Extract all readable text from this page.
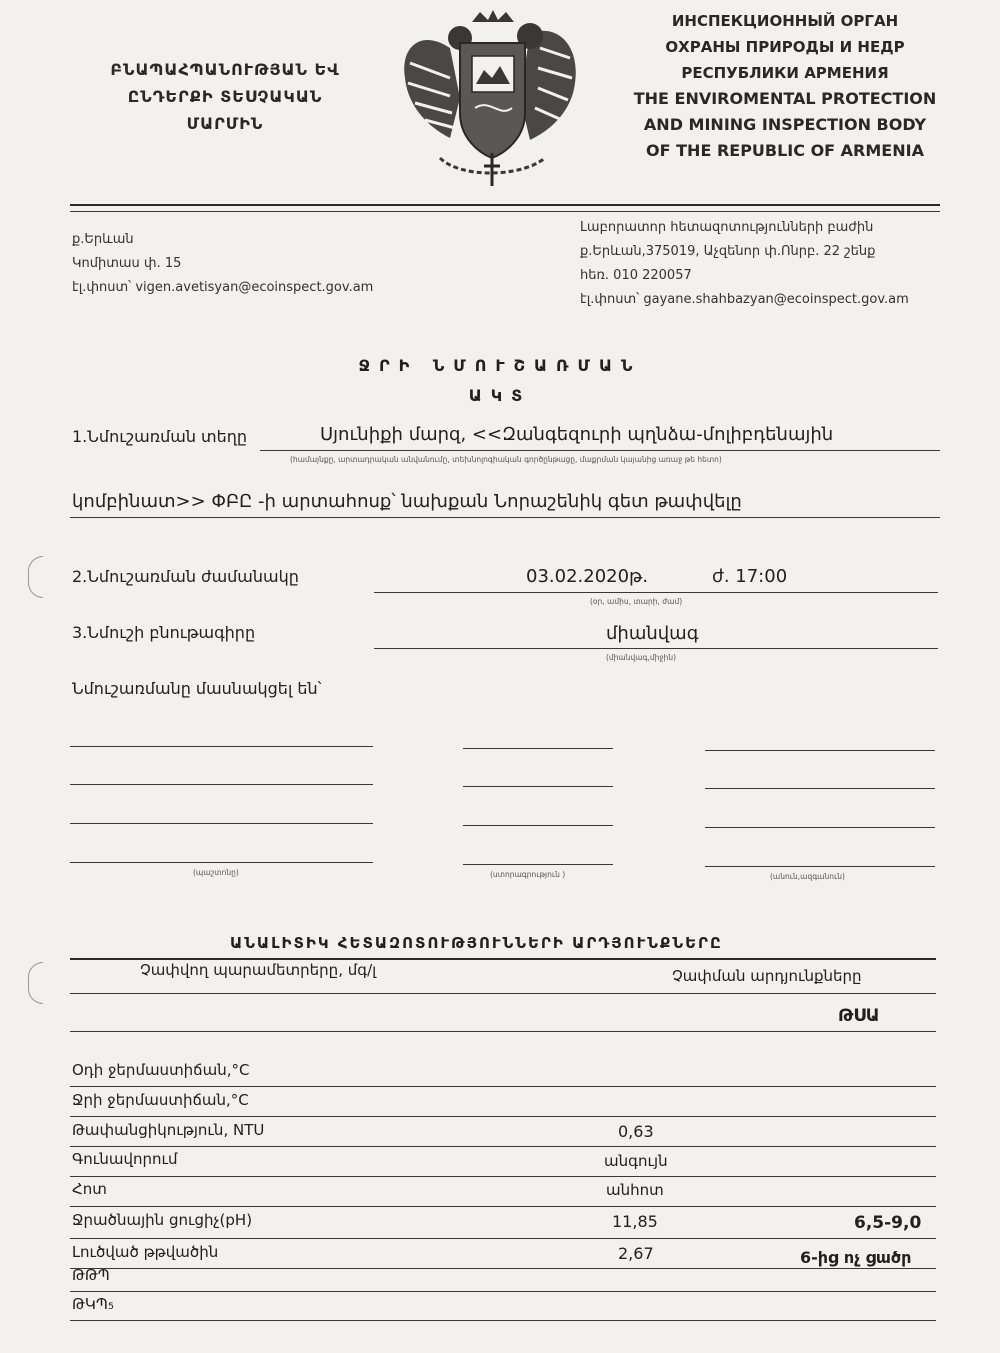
ԲՆԱՊԱՀՊԱՆՈՒԹՅԱՆ ԵՎ
ԸՆԴԵՐՔԻ ՏԵՍՉԱԿԱՆ
ՄԱՐՄԻՆ
ИНСПЕКЦИОННЫЙ ОРГАН
ОХРАНЫ ПРИРОДЫ И НЕДР
РЕСПУБЛИКИ АРМЕНИЯ
THE ENVIROMENTAL PROTECTION
AND MINING INSPECTION BODY
OF THE REPUBLIC OF ARMENIA
ք.Երևան
Կոմիտաս փ. 15
էլ.փոստ՝ vigen.avetisyan@ecoinspect.gov.am
Լաբորատոր հետազոտությունների բաժին
ք.Երևան,375019, Աչզենոր փ.Ոնրբ. 22 շենք
հեռ. 010 220057
էլ.փոստ՝ gayane.shahbazyan@ecoinspect.gov.am
ՋՐԻ ՆՄՈՒՇԱՌՄԱՆ
ԱԿՏ
1.Նմուշառման տեղը	Սյունիքի մարզ, <<Զանգեզուրի պղնձա-մոլիբդենային
(համայնքը, արտադրական անվանումը, տեխնոլոգիական գործընթացը, մաքրման կայանից առաջ թե հետո)
կոմբինատ>> ՓԲԸ -ի արտահոսք՝ նախքան Նորաշենիկ գետ թափվելը
2.Նմուշառման ժամանակը	03.02.2020թ.	ժ. 17:00
(օր, ամիս, տարի, ժամ)
3.Նմուշի բնութագիրը	միանվագ
(միանվագ,միջին)
Նմուշառմանը մասնակցել են՝
(պաշտոնը)	(ստորագրություն )	(անուն,ազգանուն)
ԱՆԱԼԻՏԻԿ ՀԵՏԱԶՈՏՈՒԹՅՈՒՆՆԵՐԻ ԱՐԴՅՈՒՆՔՆԵՐԸ
Չափվող պարամետրերը, մգ/լ	Չափման արդյունքները
ԹՍԱ
Օդի ջերմաստիճան,°C
Ջրի ջերմաստիճան,°C
Թափանցիկություն, NTU	0,63
Գունավորում	անգույն
Հոտ	անհոտ
Ջրածնային ցուցիչ(pH)	11,85	6,5-9,0
Լուծված թթվածին	2,67	6-ից ոչ ցածր
ԹԹՊ
ԹԿՊ₅
